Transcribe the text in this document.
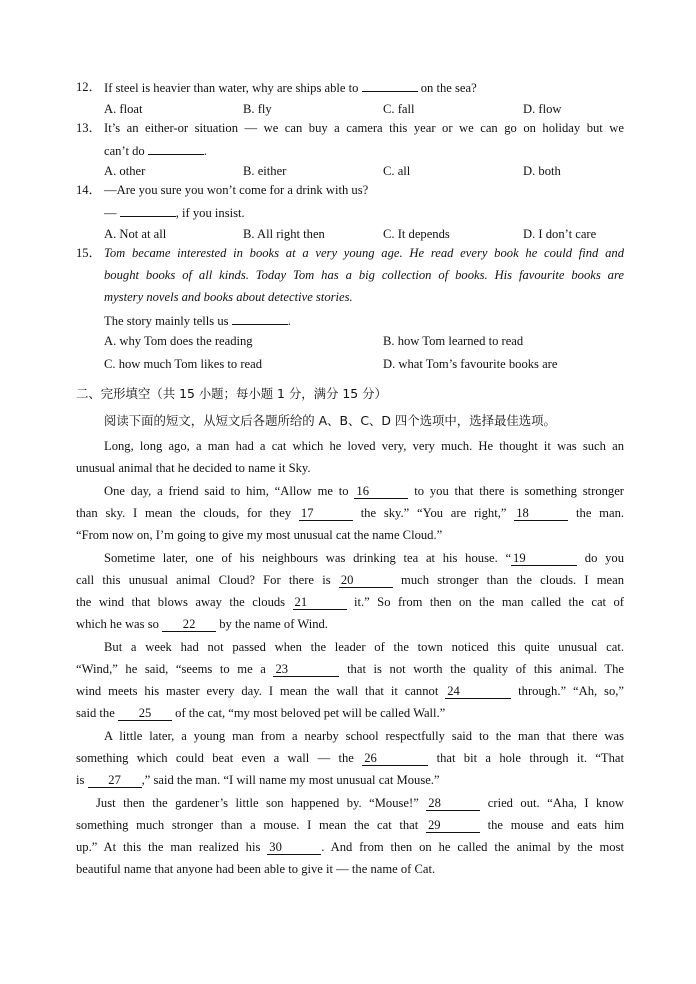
12． If steel is heavier than water, why are ships able to	on the sea?
A. float	B. fly	C. fall	D. flow
13． It’s an either-or situation — we can buy a camera this year or we can go on holiday but we
can’t do	.
A. other	B. either	C. all	D. both
14． —Are you sure you won’t come for a drink with us?
—	, if you insist.
A. Not at all	B. All right then	C. It depends	D. I don’t care
15． Tom became interested in books at a very young age. He read every book he could find and
bought books of all kinds. Today Tom has a big collection of books. His favourite books are
mystery novels and books about detective stories.
The story mainly tells us	.
A. why Tom does the reading	B. how Tom learned to read
C. how much Tom likes to read	D. what Tom’s favourite books are
二、完形填空（共 15 小题；每小题 1 分，满分 15 分）
阅读下面的短文，从短文后各题所给的 A、B、C、D 四个选项中，选择最佳选项。
Long, long ago, a man had a cat which he loved very, very much. He thought it was such an
unusual animal that he decided to name it Sky.
One day, a friend said to him, “Allow me to 16	to you that there is something stronger
than sky. I mean the clouds, for they 17	the sky.” “You are right,” 18	the man.
“From now on, I’m going to give my most unusual cat the name Cloud.”
Sometime later, one of his neighbours was drinking tea at his house. “ 19	do you
call this unusual animal Cloud? For there is 20	much stronger than the clouds. I mean
the wind that blows away the clouds 21	it.” So from then on the man called the cat of
which he was so 22 by the name of Wind.
But a week had not passed when the leader of the town noticed this quite unusual cat.
“Wind,” he said, “seems to me a 23	that is not worth the quality of this animal. The
wind meets his master every day. I mean the wall that it cannot 24	through.” “Ah, so,”
said the 25 of the cat, “my most beloved pet will be called Wall.”
A little later, a young man from a nearby school respectfully said to the man that there was
something which could beat even a wall — the 26	that bit a hole through it. “That
is 27 ,” said the man. “I will name my most unusual cat Mouse.”
Just then the gardener’s little son happened by. “Mouse!” 28	cried out. “Aha, I know
something much stronger than a mouse. I mean the cat that 29	the mouse and eats him
up.” At this the man realized his 30	. And from then on he called the animal by the most
beautiful name that anyone had been able to give it — the name of Cat.
